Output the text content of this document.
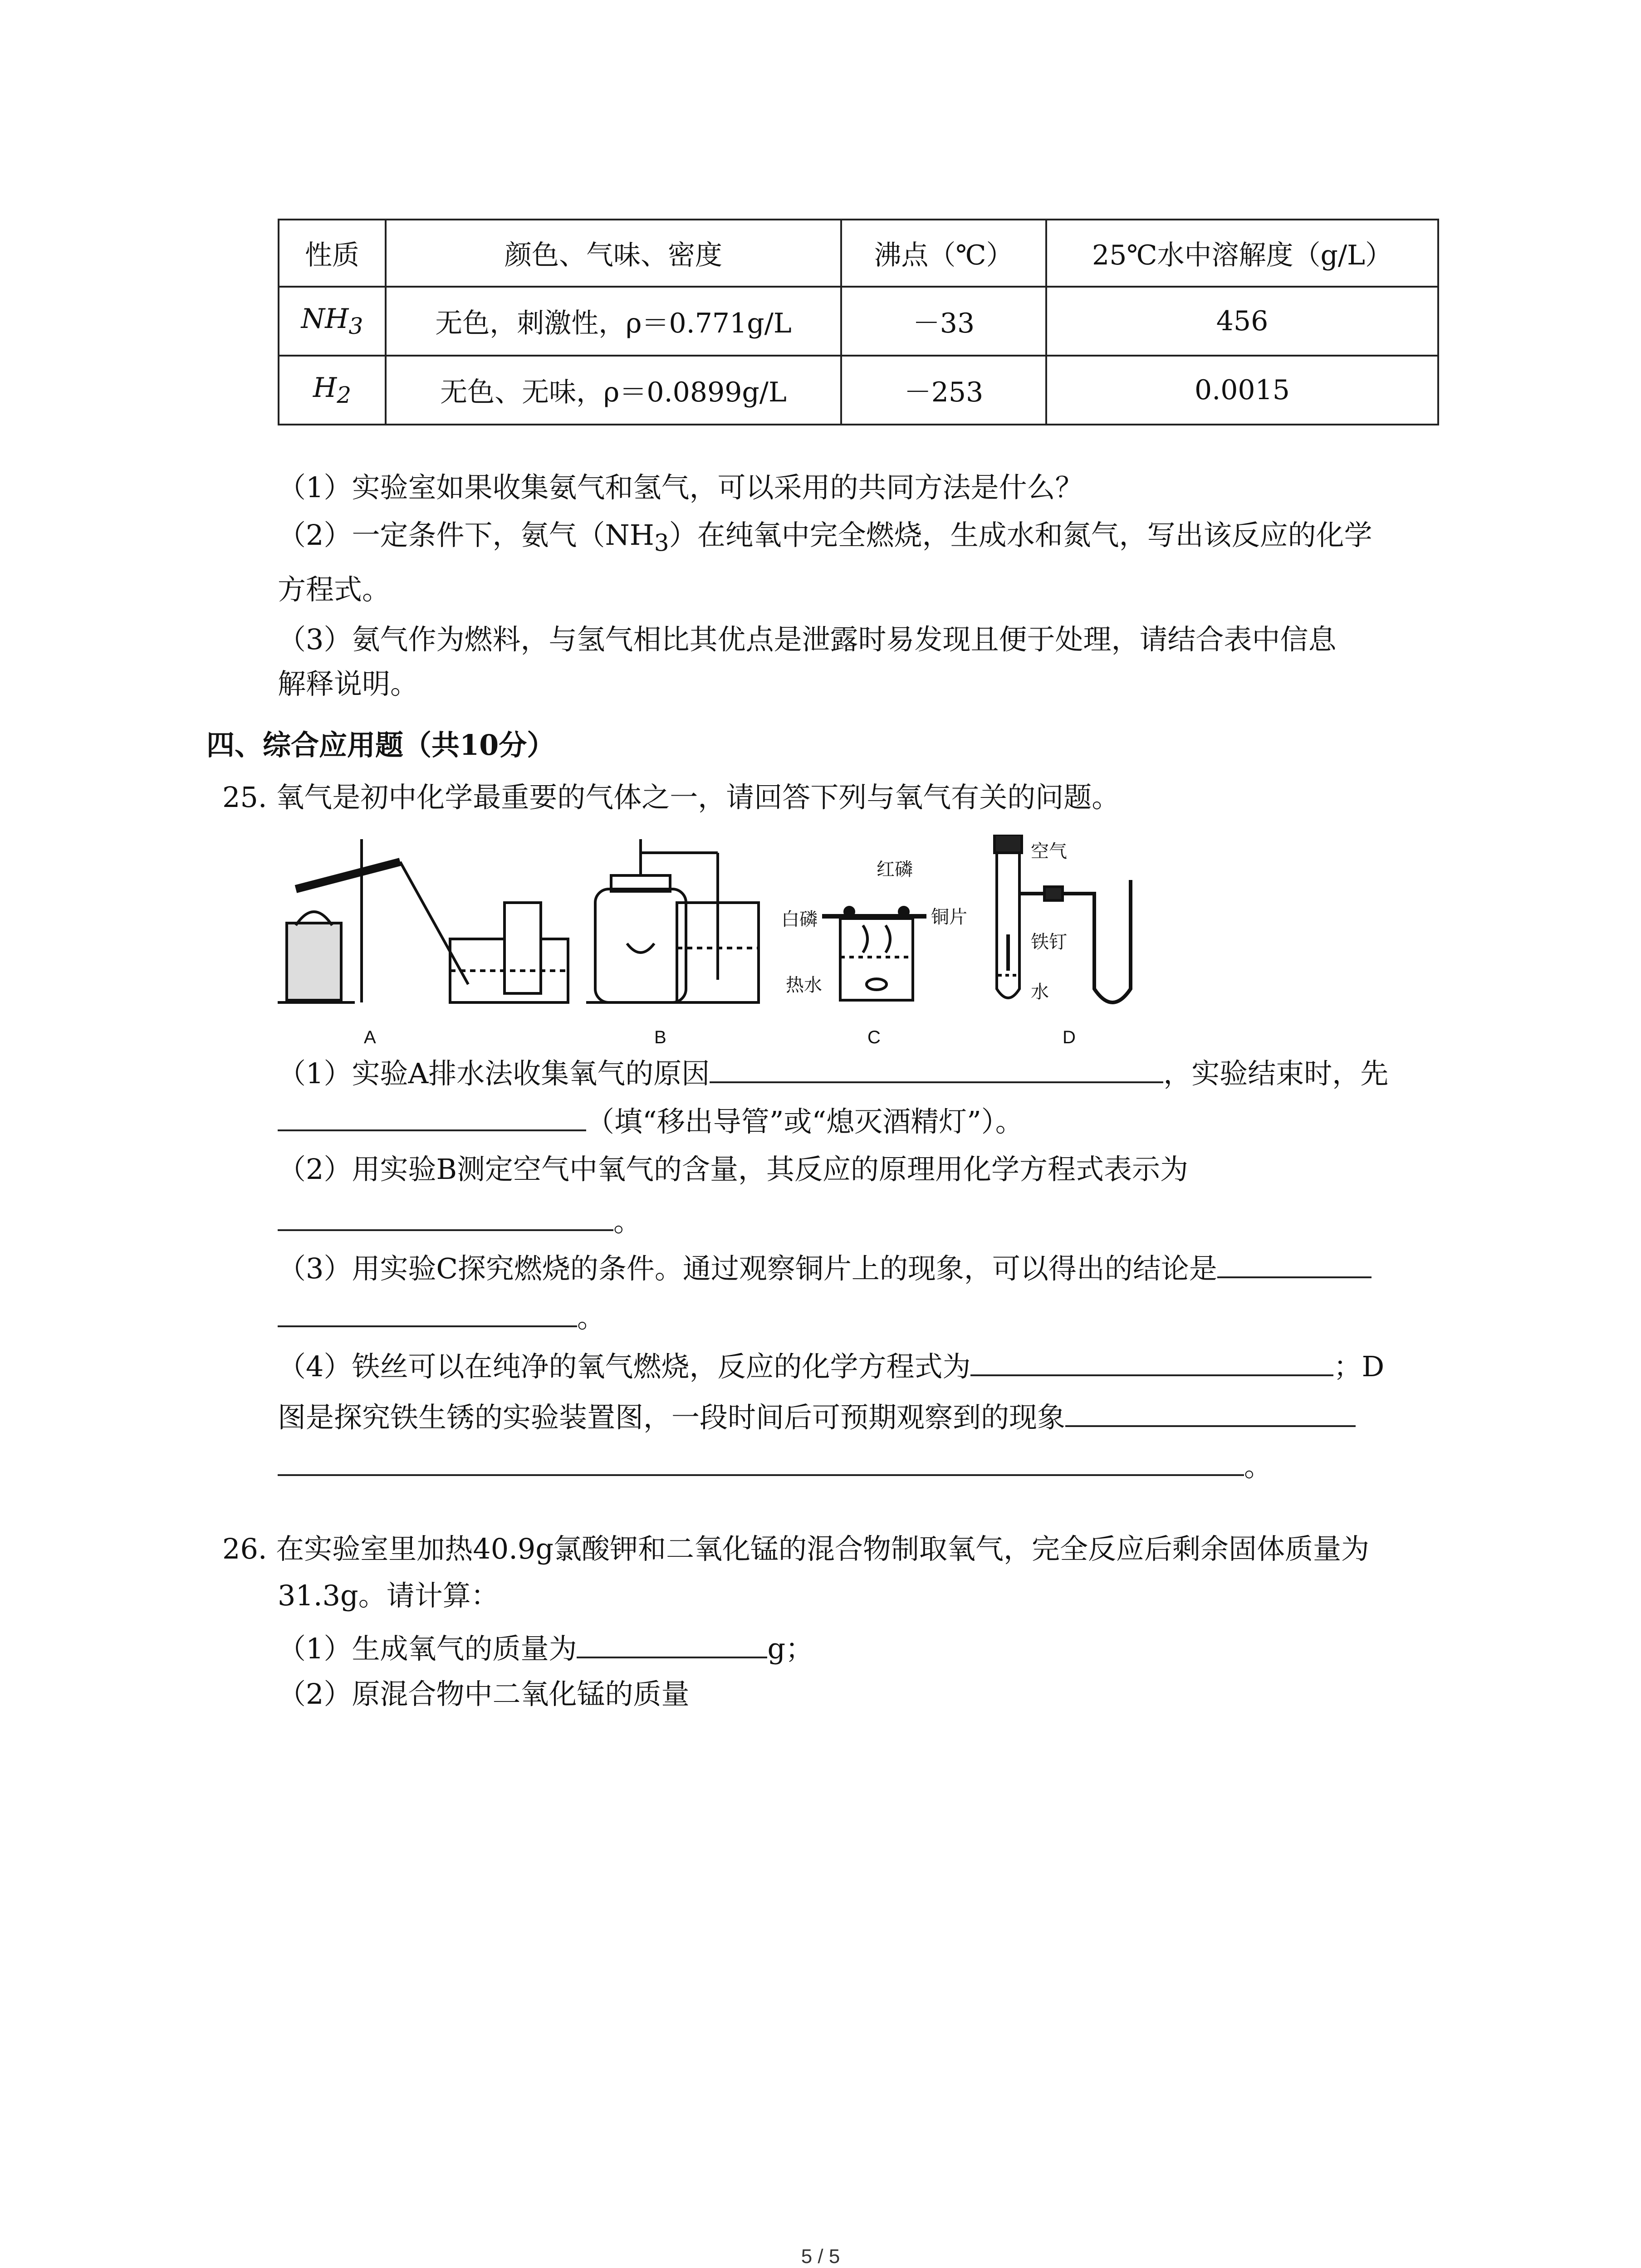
性质	颜色、气味、密度	沸点（℃）	25℃水中溶解度（g/L）
$NH_3$	无色，刺激性，ρ＝0.771g/L	－33	456
$H_2$	无色、无味，ρ＝0.0899g/L	－253	0.0015
（1）实验室如果收集氨气和氢气，可以采用的共同方法是什么？
（2）一定条件下，氨气$(NH_3)$在纯氧中完全燃烧，生成水和氮气，写出该反应的化学
方程式。
（3）氨气作为燃料，与氢气相比其优点是泄露时易发现且便于处理，请结合表中信息
解释说明。
四、综合应用题（共10分）
25. 氧气是初中化学最重要的气体之一，请回答下列与氧气有关的问题。
A	B
白磷
红磷
铜片
热水
C
空气
铁钉
水
D
（1）实验A排水法收集氧气的原因	，实验结束时，先
（填“移出导管”或“熄灭酒精灯”）。
（2）用实验B测定空气中氧气的含量，其反应的原理用化学方程式表示为
。
（3）用实验C探究燃烧的条件。通过观察铜片上的现象，可以得出的结论是
。
（4）铁丝可以在纯净的氧气燃烧，反应的化学方程式为	；D
图是探究铁生锈的实验装置图，一段时间后可预期观察到的现象
。
26. 在实验室里加热40.9g氯酸钾和二氧化锰的混合物制取氧气，完全反应后剩余固体质量为
31.3g。请计算：
（1）生成氧气的质量为	g；
（2）原混合物中二氧化锰的质量
5 / 5
